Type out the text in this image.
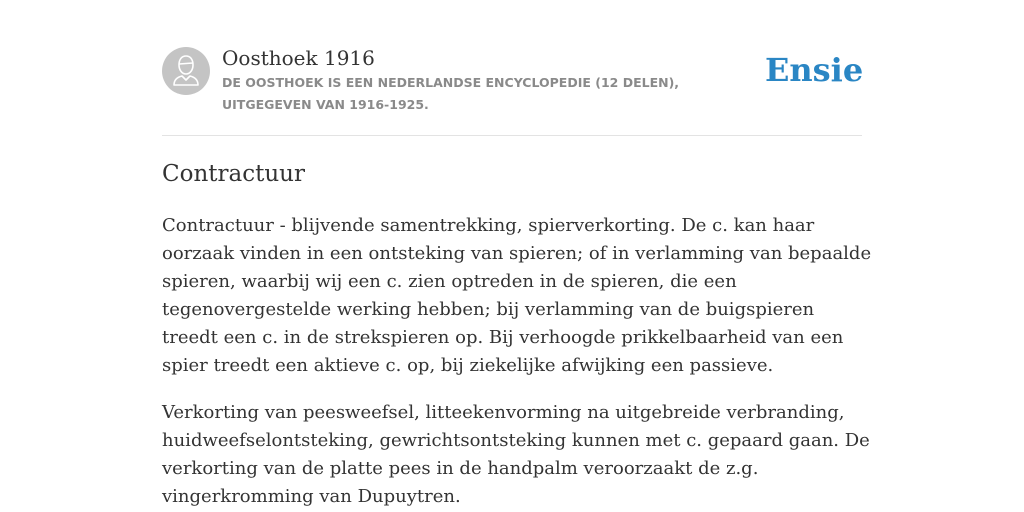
Oosthoek 1916
DE OOSTHOEK IS EEN NEDERLANDSE ENCYCLOPEDIE (12 DELEN), UITGEGEVEN VAN 1916-1925.
Ensie
Contractuur

Contractuur - blijvende samentrekking, spierverkorting. De c. kan haar oorzaak vinden in een ontsteking van spieren; of in verlamming van bepaalde spieren, waarbij wij een c. zien optreden in de spieren, die een tegenovergestelde werking hebben; bij verlamming van de buigspieren treedt een c. in de strekspieren op. Bij verhoogde prikkelbaarheid van een spier treedt een aktieve c. op, bij ziekelijke afwijking een passieve.

Verkorting van peesweefsel, litteekenvorming na uitgebreide verbranding, huidweefselontsteking, gewrichtsontsteking kunnen met c. gepaard gaan. De verkorting van de platte pees in de handpalm veroorzaakt de z.g. vingerkromming van Dupuytren.
